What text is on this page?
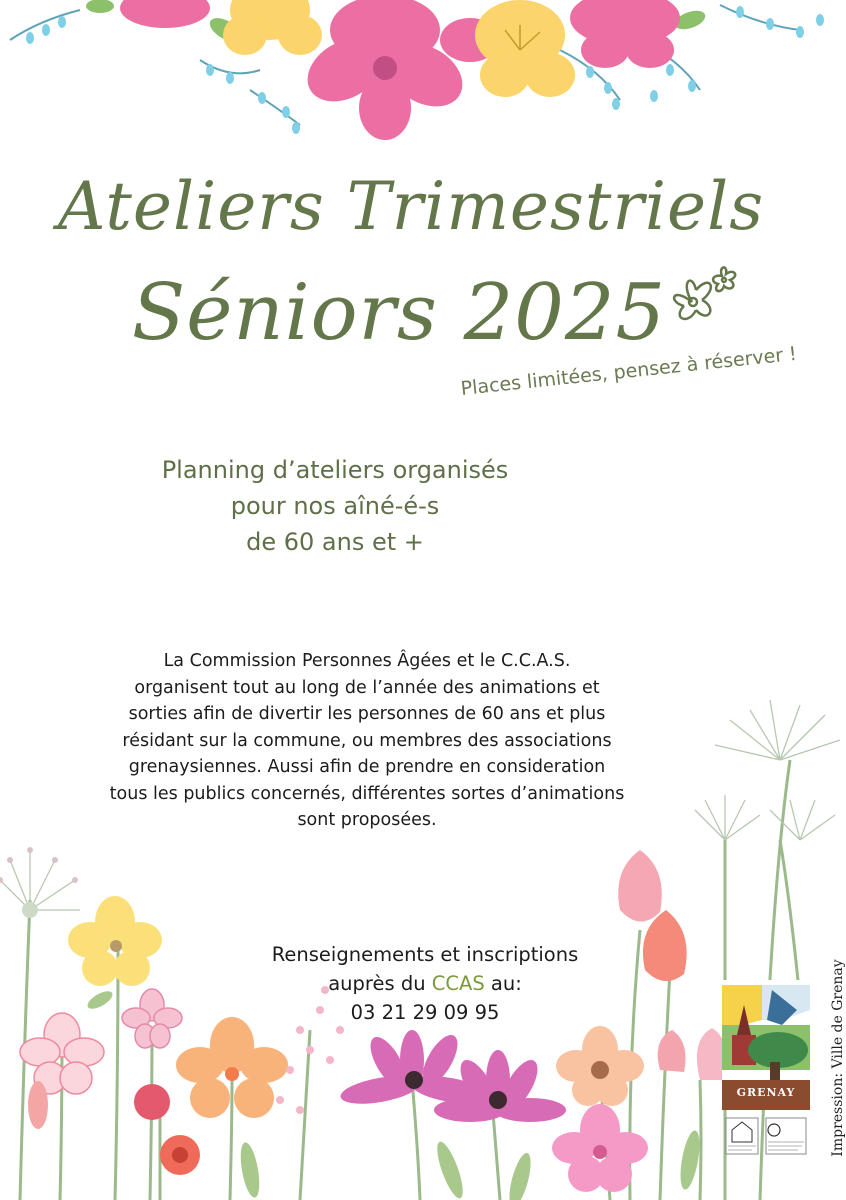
Ateliers Trimestriels
Séniors 2025
Places limitées, pensez à réserver !
Planning d’ateliers organisés
pour nos aîné-é-s
de 60 ans et +
La Commission Personnes Âgées et le C.C.A.S.
organisent tout au long de l’année des animations et
sorties afin de divertir les personnes de 60 ans et plus
résidant sur la commune, ou membres des associations
grenaysiennes. Aussi afin de prendre en consideration
tous les publics concernés, différentes sortes d’animations
sont proposées.
Renseignements et inscriptions
auprès du CCAS au:
03 21 29 09 95
GRENAY	Impression: Ville de Grenay
